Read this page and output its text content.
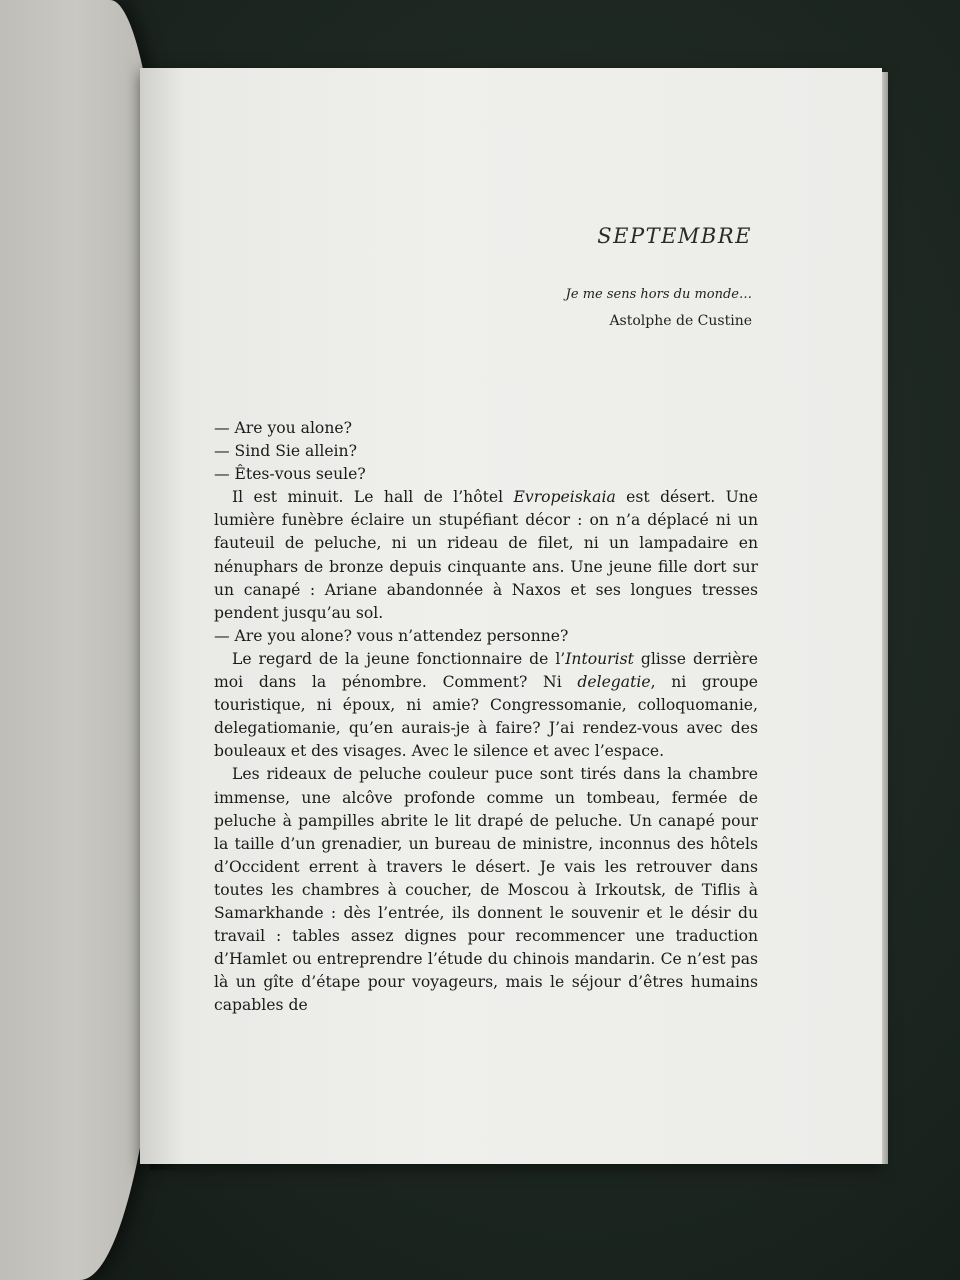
SEPTEMBRE
Je me sens hors du monde…
Astolphe de Custine

— Are you alone?

— Sind Sie allein?

— Êtes-vous seule?

Il est minuit. Le hall de l’hôtel Evropeiskaia est désert. Une lumière funèbre éclaire un stupéfiant décor : on n’a déplacé ni un fauteuil de peluche, ni un rideau de filet, ni un lampadaire en nénuphars de bronze depuis cinquante ans. Une jeune fille dort sur un canapé : Ariane abandonnée à Naxos et ses longues tresses pendent jusqu’au sol.

— Are you alone? vous n’attendez personne?

Le regard de la jeune fonctionnaire de l’Intourist glisse derrière moi dans la pénombre. Comment? Ni delegatie, ni groupe touristique, ni époux, ni amie? Congressomanie, colloquomanie, delegatiomanie, qu’en aurais-je à faire? J’ai rendez-vous avec des bouleaux et des visages. Avec le silence et avec l’espace.

Les rideaux de peluche couleur puce sont tirés dans la chambre immense, une alcôve profonde comme un tombeau, fermée de peluche à pampilles abrite le lit drapé de peluche. Un canapé pour la taille d’un grenadier, un bureau de ministre, inconnus des hôtels d’Occident errent à travers le désert. Je vais les retrouver dans toutes les chambres à coucher, de Moscou à Irkoutsk, de Tiflis à Samarkhande : dès l’entrée, ils donnent le souvenir et le désir du travail : tables assez dignes pour recommencer une traduction d’Hamlet ou entreprendre l’étude du chinois mandarin. Ce n’est pas là un gîte d’étape pour voyageurs, mais le séjour d’êtres humains capables de
